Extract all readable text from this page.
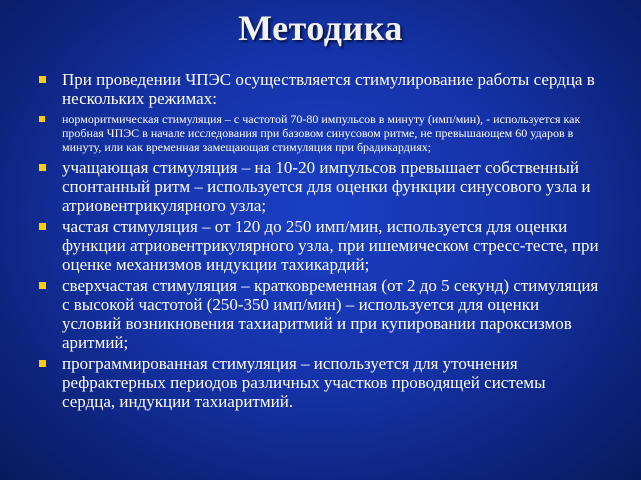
Методика
При проведении ЧПЭС осуществляется стимулирование работы сердца в нескольких режимах:
норморитмическая стимуляция – с частотой 70-80 импульсов в минуту (имп/мин), - используется как пробная ЧПЭС в начале исследования при базовом синусовом ритме, не превышающем 60 ударов в минуту, или как временная замещающая стимуляция при брадикардиях;
учащающая стимуляция – на 10-20 импульсов превышает собственный спонтанный ритм – используется для оценки функции синусового узла и атриовентрикулярного узла;
частая стимуляция – от 120 до 250 имп/мин, используется для оценки функции атриовентрикулярного узла, при ишемическом стресс-тесте, при оценке механизмов индукции тахикардий;
сверхчастая стимуляция – кратковременная (от 2 до 5 секунд) стимуляция с высокой частотой (250-350 имп/мин) – используется для оценки условий возникновения тахиаритмий и при купировании пароксизмов аритмий;
программированная стимуляция – используется для уточнения рефрактерных периодов различных участков проводящей системы сердца, индукции тахиаритмий.
